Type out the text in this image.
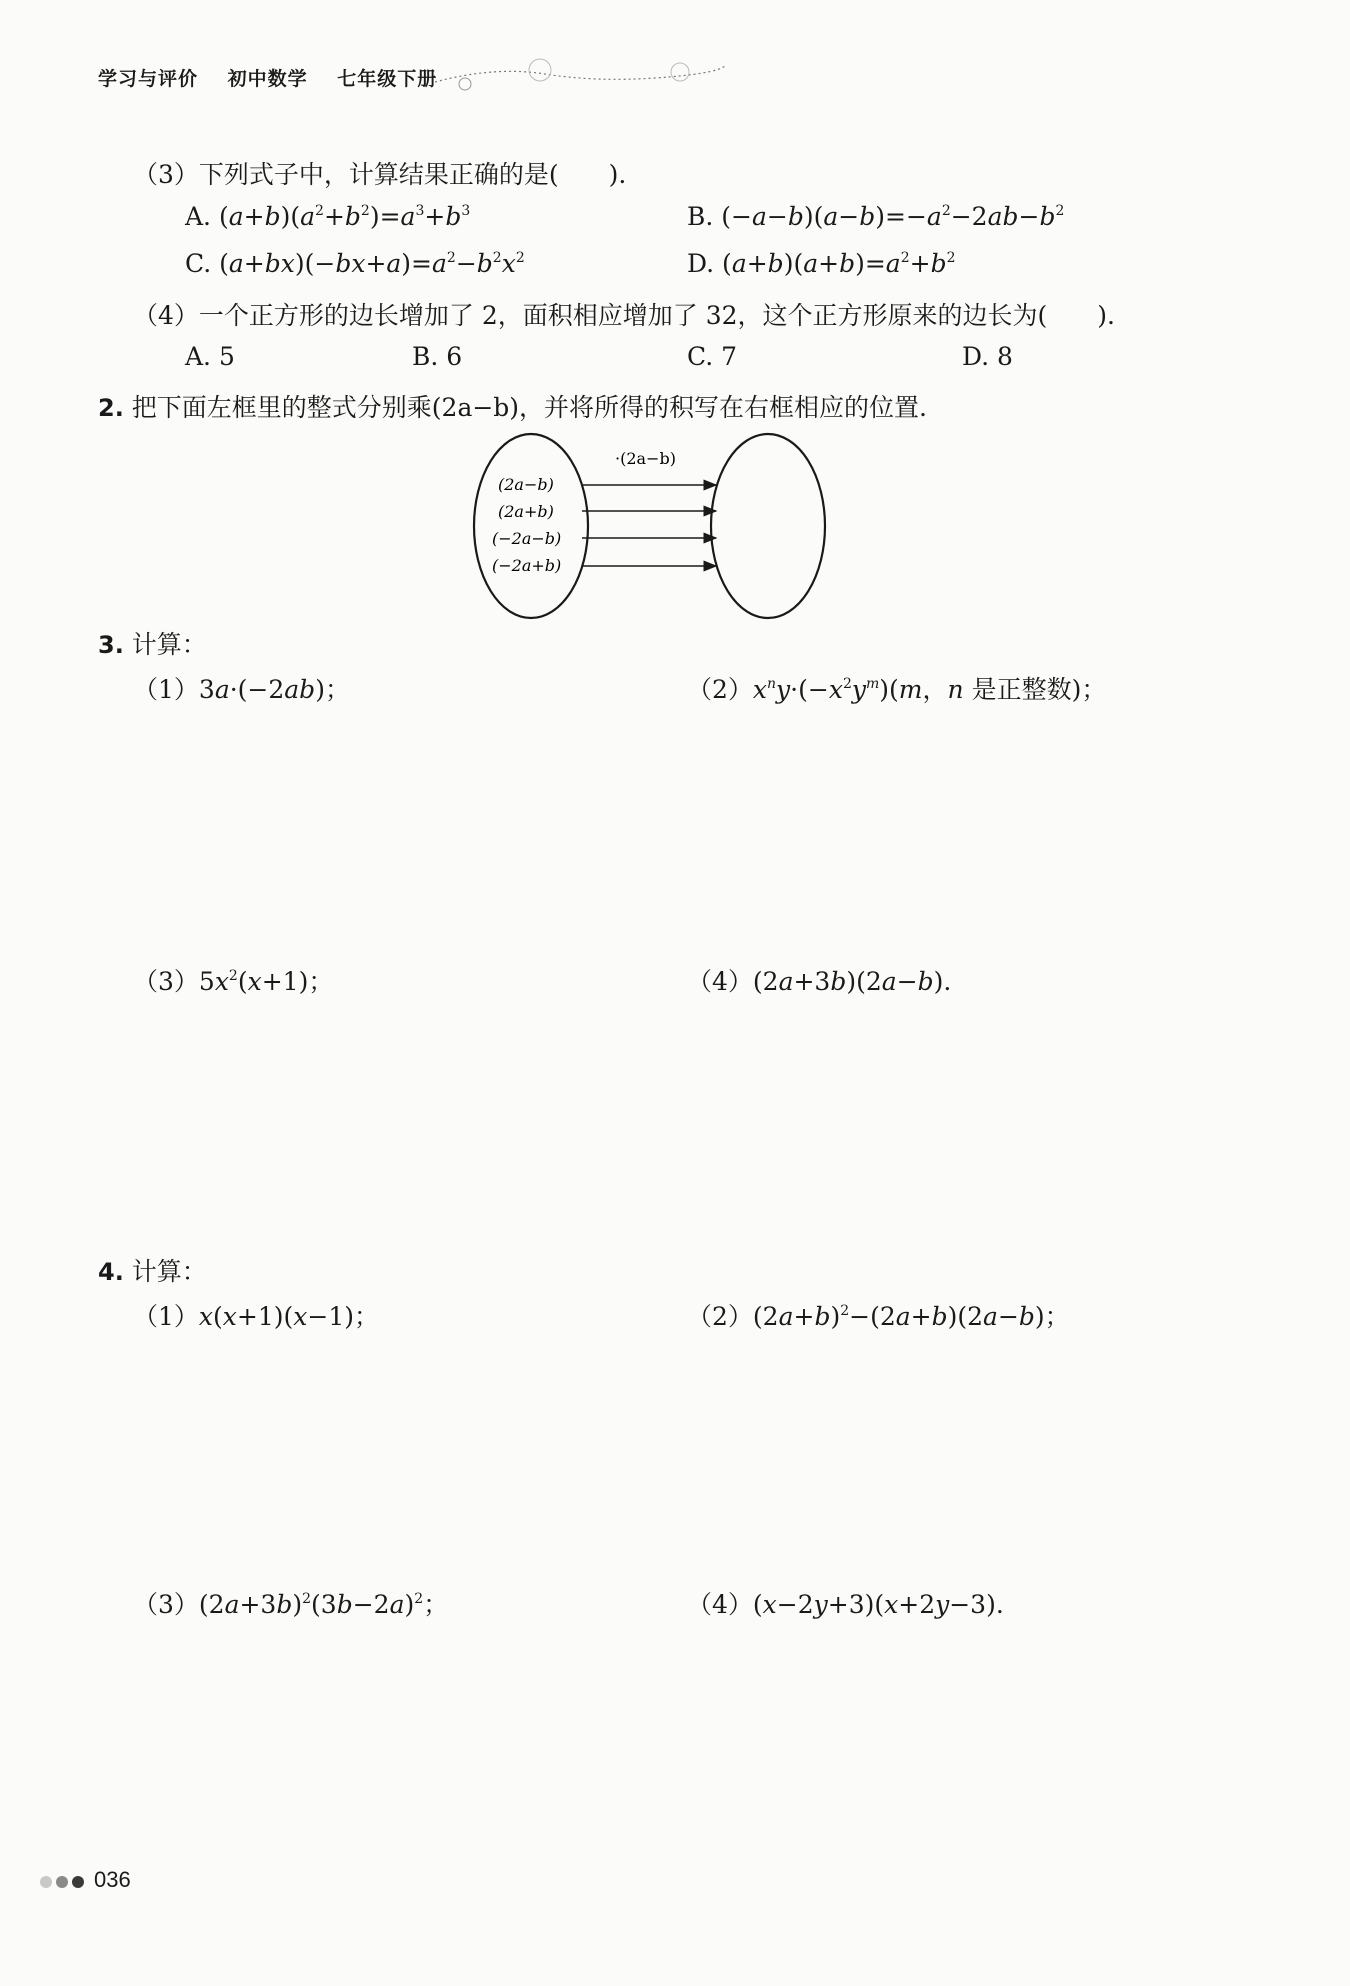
学习与评价 初中数学 七年级下册
（3）下列式子中，计算结果正确的是(　　).
A. $(a+b)(a^2+b^2)=a^3+b^3$	B. $(-a-b)(a-b)=-a^2-2ab-b^2$
C. $(a+bx)(-bx+a)=a^2-b^2x^2$	D. $(a+b)(a+b)=a^2+b^2$
（4）一个正方形的边长增加了 2，面积相应增加了 32，这个正方形原来的边长为(　　).
A. 5	B. 6	C. 7	D. 8
2. 把下面左框里的整式分别乘(2a−b)，并将所得的积写在右框相应的位置.
·(2a−b)
(2a−b)
(2a+b)
(−2a−b)
(−2a+b)
3. 计算：
（1）3a·(−2ab)；	$(2)x^ny\cdot(-x^2y^m)(m$，n 是正整数)；
$(3)5x^2(x+1)$；	（4）(2a+3b)(2a−b).
4. 计算：
（1）x(x+1)(x−1)；	$(2)(2a+b)^2-(2a+b)(2a-b)$；
$(3)(2a+3b)^2(3b-2a)^2$；	（4）(x−2y+3)(x+2y−3).
036
